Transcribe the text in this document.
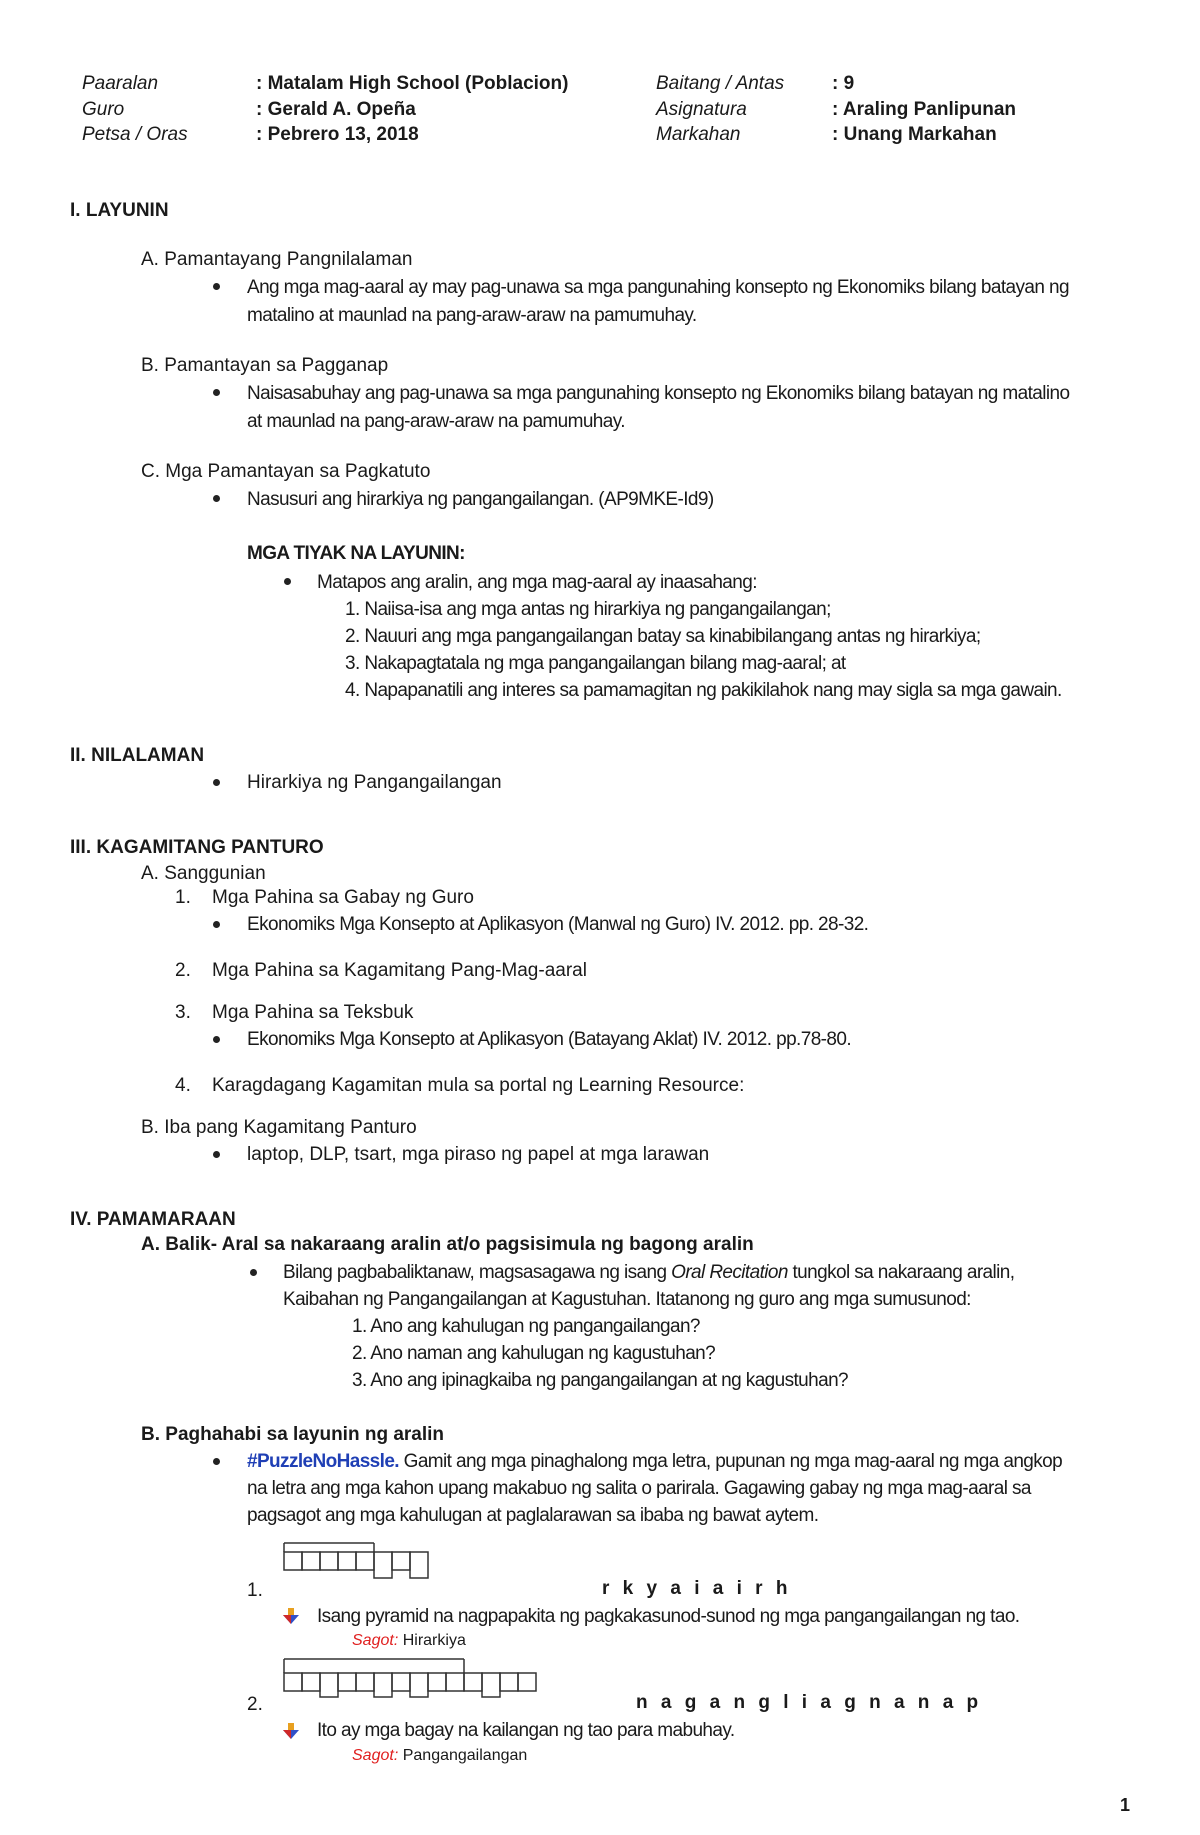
Paaralan	: Matalam High School (Poblacion)	Baitang / Antas	: 9
Guro	: Gerald A. Opeña	Asignatura	: Araling Panlipunan
Petsa / Oras	: Pebrero 13, 2018	Markahan	: Unang Markahan
I. LAYUNIN
A. Pamantayang Pangnilalaman
Ang mga mag-aaral ay may pag-unawa sa mga pangunahing konsepto ng Ekonomiks bilang batayan ng
matalino at maunlad na pang-araw-araw na pamumuhay.
B. Pamantayan sa Pagganap
Naisasabuhay ang pag-unawa sa mga pangunahing konsepto ng Ekonomiks bilang batayan ng matalino
at maunlad na pang-araw-araw na pamumuhay.
C. Mga Pamantayan sa Pagkatuto
Nasusuri ang hirarkiya ng pangangailangan. (AP9MKE-Id9)
MGA TIYAK NA LAYUNIN:
Matapos ang aralin, ang mga mag-aaral ay inaasahang:
1. Naiisa-isa ang mga antas ng hirarkiya ng pangangailangan;
2. Nauuri ang mga pangangailangan batay sa kinabibilangang antas ng hirarkiya;
3. Nakapagtatala ng mga pangangailangan bilang mag-aaral; at
4. Napapanatili ang interes sa pamamagitan ng pakikilahok nang may sigla sa mga gawain.
II. NILALAMAN
Hirarkiya ng Pangangailangan
III. KAGAMITANG PANTURO
A. Sanggunian
1. Mga Pahina sa Gabay ng Guro
Ekonomiks Mga Konsepto at Aplikasyon (Manwal ng Guro) IV. 2012. pp. 28-32.
2. Mga Pahina sa Kagamitang Pang-Mag-aaral
3. Mga Pahina sa Teksbuk
Ekonomiks Mga Konsepto at Aplikasyon (Batayang Aklat) IV. 2012. pp.78-80.
4. Karagdagang Kagamitan mula sa portal ng Learning Resource:
B. Iba pang Kagamitang Panturo
laptop, DLP, tsart, mga piraso ng papel at mga larawan
IV. PAMAMARAAN
A. Balik- Aral sa nakaraang aralin at/o pagsisimula ng bagong aralin
Bilang pagbabaliktanaw, magsasagawa ng isang Oral Recitation tungkol sa nakaraang aralin,
Kaibahan ng Pangangailangan at Kagustuhan. Itatanong ng guro ang mga sumusunod:
1. Ano ang kahulugan ng pangangailangan?
2. Ano naman ang kahulugan ng kagustuhan?
3. Ano ang ipinagkaiba ng pangangailangan at ng kagustuhan?
B. Paghahabi sa layunin ng aralin
#PuzzleNoHassle. Gamit ang mga pinaghalong mga letra, pupunan ng mga mag-aaral ng mga angkop
na letra ang mga kahon upang makabuo ng salita o parirala. Gagawing gabay ng mga mag-aaral sa
pagsagot ang mga kahulugan at paglalarawan sa ibaba ng bawat aytem.
1.	r k y a i a i r h
Isang pyramid na nagpapakita ng pagkakasunod-sunod ng mga pangangailangan ng tao.
Sagot: Hirarkiya
2.	n a g a n g l i a g n a n a p
Ito ay mga bagay na kailangan ng tao para mabuhay.
Sagot: Pangangailangan
1
